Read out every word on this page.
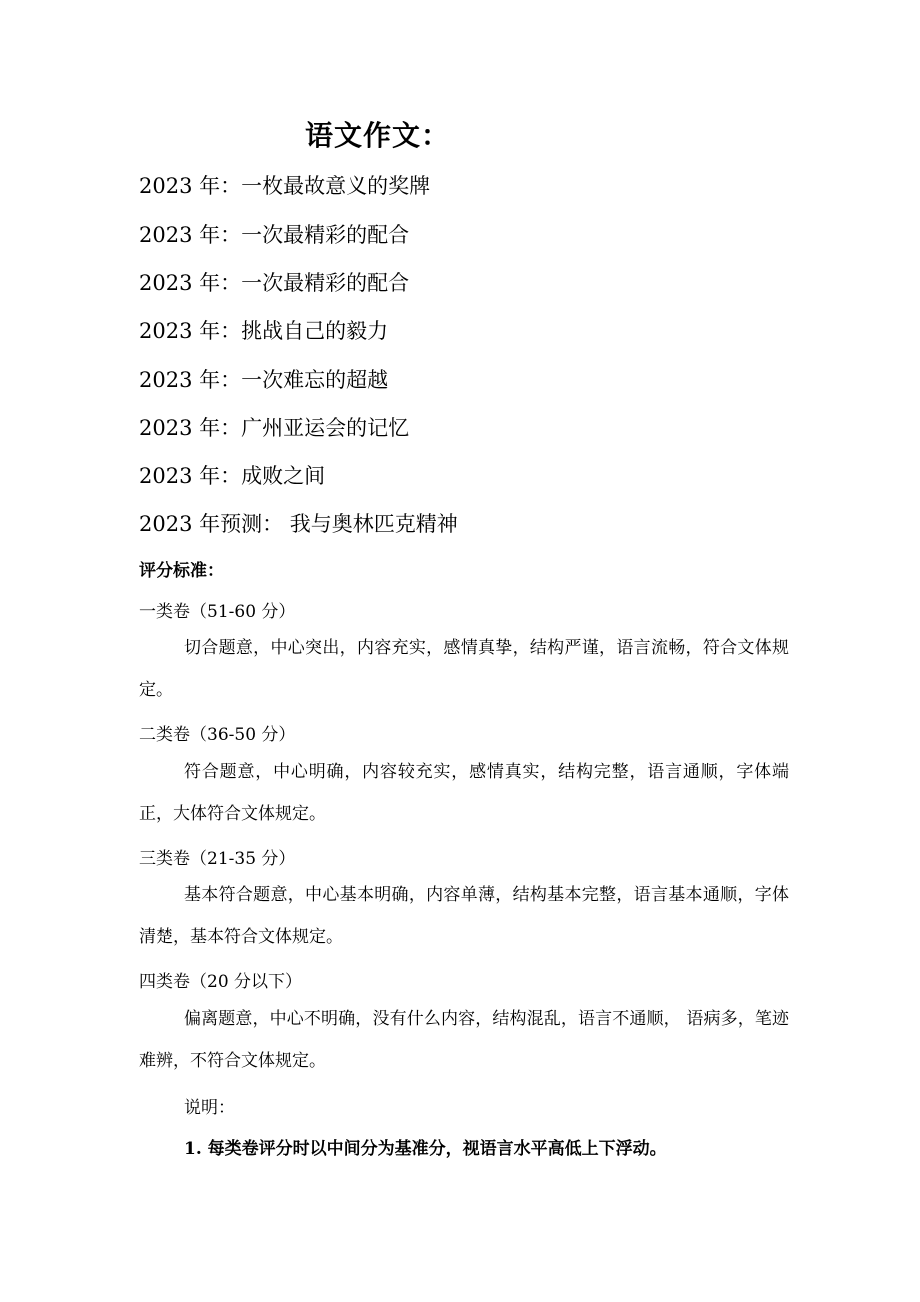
语文作文：
2023 年：一枚最故意义的奖牌
2023 年：一次最精彩的配合
2023 年：一次最精彩的配合
2023 年：挑战自己的毅力
2023 年：一次难忘的超越
2023 年：广州亚运会的记忆
2023 年：成败之间
2023 年预测： 我与奥林匹克精神
评分标准：
一类卷（51-60 分）
切合题意，中心突出，内容充实，感情真挚，结构严谨，语言流畅，符合文体规定。
二类卷（36-50 分）
符合题意，中心明确，内容较充实，感情真实，结构完整，语言通顺，字体端正，大体符合文体规定。
三类卷（21-35 分）
基本符合题意，中心基本明确，内容单薄，结构基本完整，语言基本通顺，字体清楚，基本符合文体规定。
四类卷（20 分以下）
偏离题意，中心不明确，没有什么内容，结构混乱，语言不通顺， 语病多，笔迹难辨，不符合文体规定。
说明：
1. 每类卷评分时以中间分为基准分，视语言水平高低上下浮动。
